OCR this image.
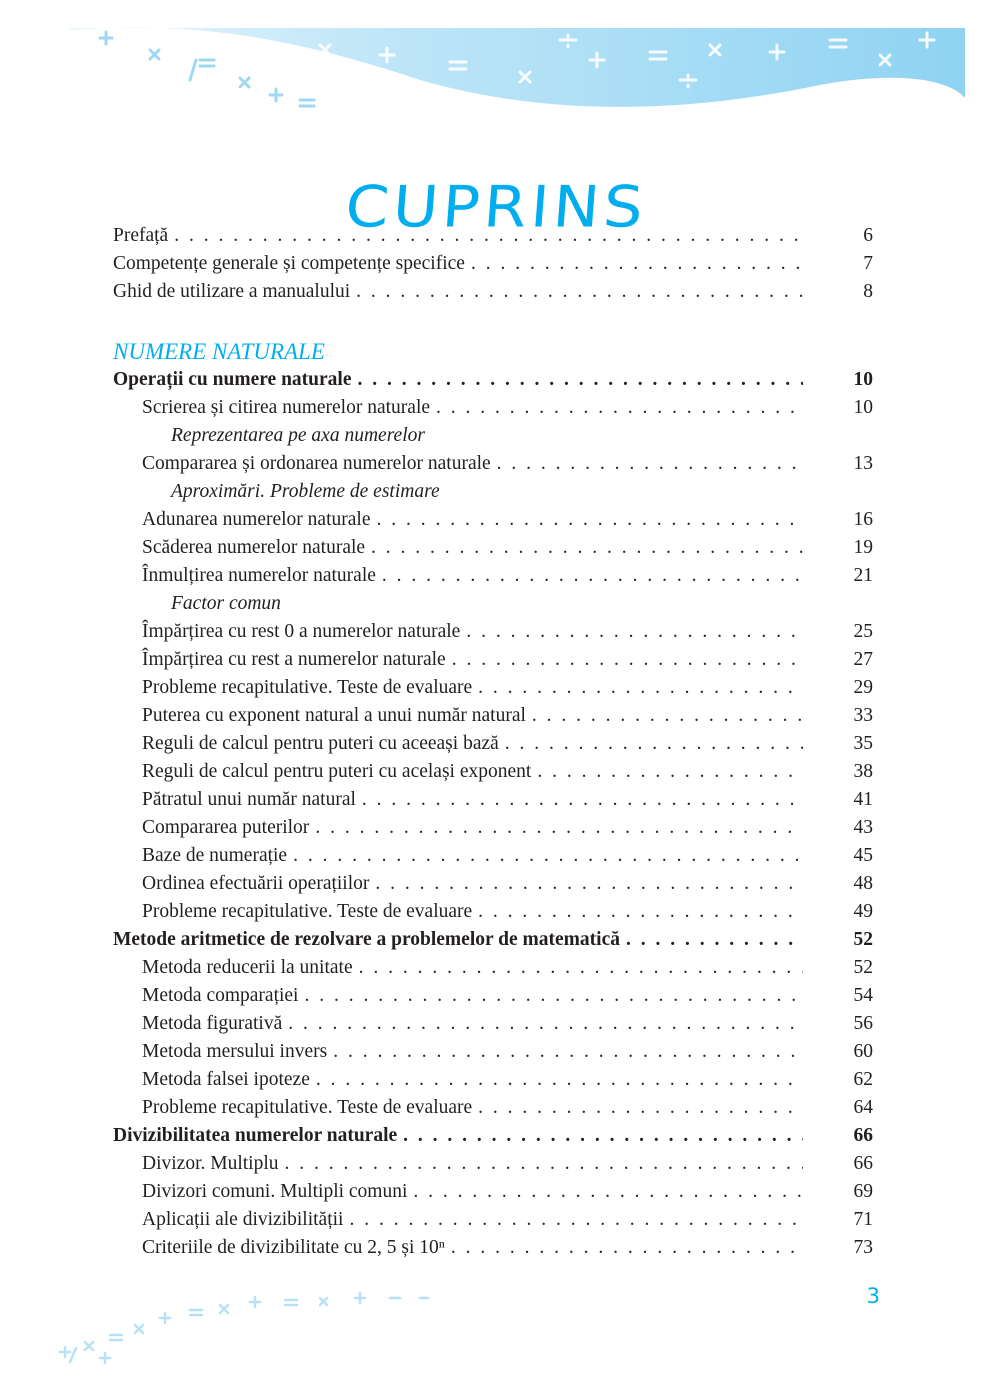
CUPRINS
Prefață . . .	6
Competențe generale și competențe specifice . . .	7
Ghid de utilizare a manualului . . .	8
NUMERE NATURALE
Operații cu numere naturale . . .	10
Scrierea și citirea numerelor naturale . . .	10
Reprezentarea pe axa numerelor
Compararea și ordonarea numerelor naturale . . .	13
Aproximări. Probleme de estimare
Adunarea numerelor naturale . . .	16
Scăderea numerelor naturale . . .	19
Înmulțirea numerelor naturale . . .	21
Factor comun
Împărțirea cu rest 0 a numerelor naturale . . .	25
Împărțirea cu rest a numerelor naturale . . .	27
Probleme recapitulative. Teste de evaluare . . .	29
Puterea cu exponent natural a unui număr natural . . .	33
Reguli de calcul pentru puteri cu aceeași bază . . .	35
Reguli de calcul pentru puteri cu același exponent . . .	38
Pătratul unui număr natural . . .	41
Compararea puterilor . . .	43
Baze de numerație . . .	45
Ordinea efectuării operațiilor . . .	48
Probleme recapitulative. Teste de evaluare . . .	49
Metode aritmetice de rezolvare a problemelor de matematică . . .	52
Metoda reducerii la unitate . . .	52
Metoda comparației . . .	54
Metoda figurativă . . .	56
Metoda mersului invers . . .	60
Metoda falsei ipoteze . . .	62
Probleme recapitulative. Teste de evaluare . . .	64
Divizibilitatea numerelor naturale . . .	66
Divizor. Multiplu . . .	66
Divizori comuni. Multipli comuni . . .	69
Aplicații ale divizibilității . . .	71
Criteriile de divizibilitate cu 2, 5 și 10ⁿ . . .	73
3
